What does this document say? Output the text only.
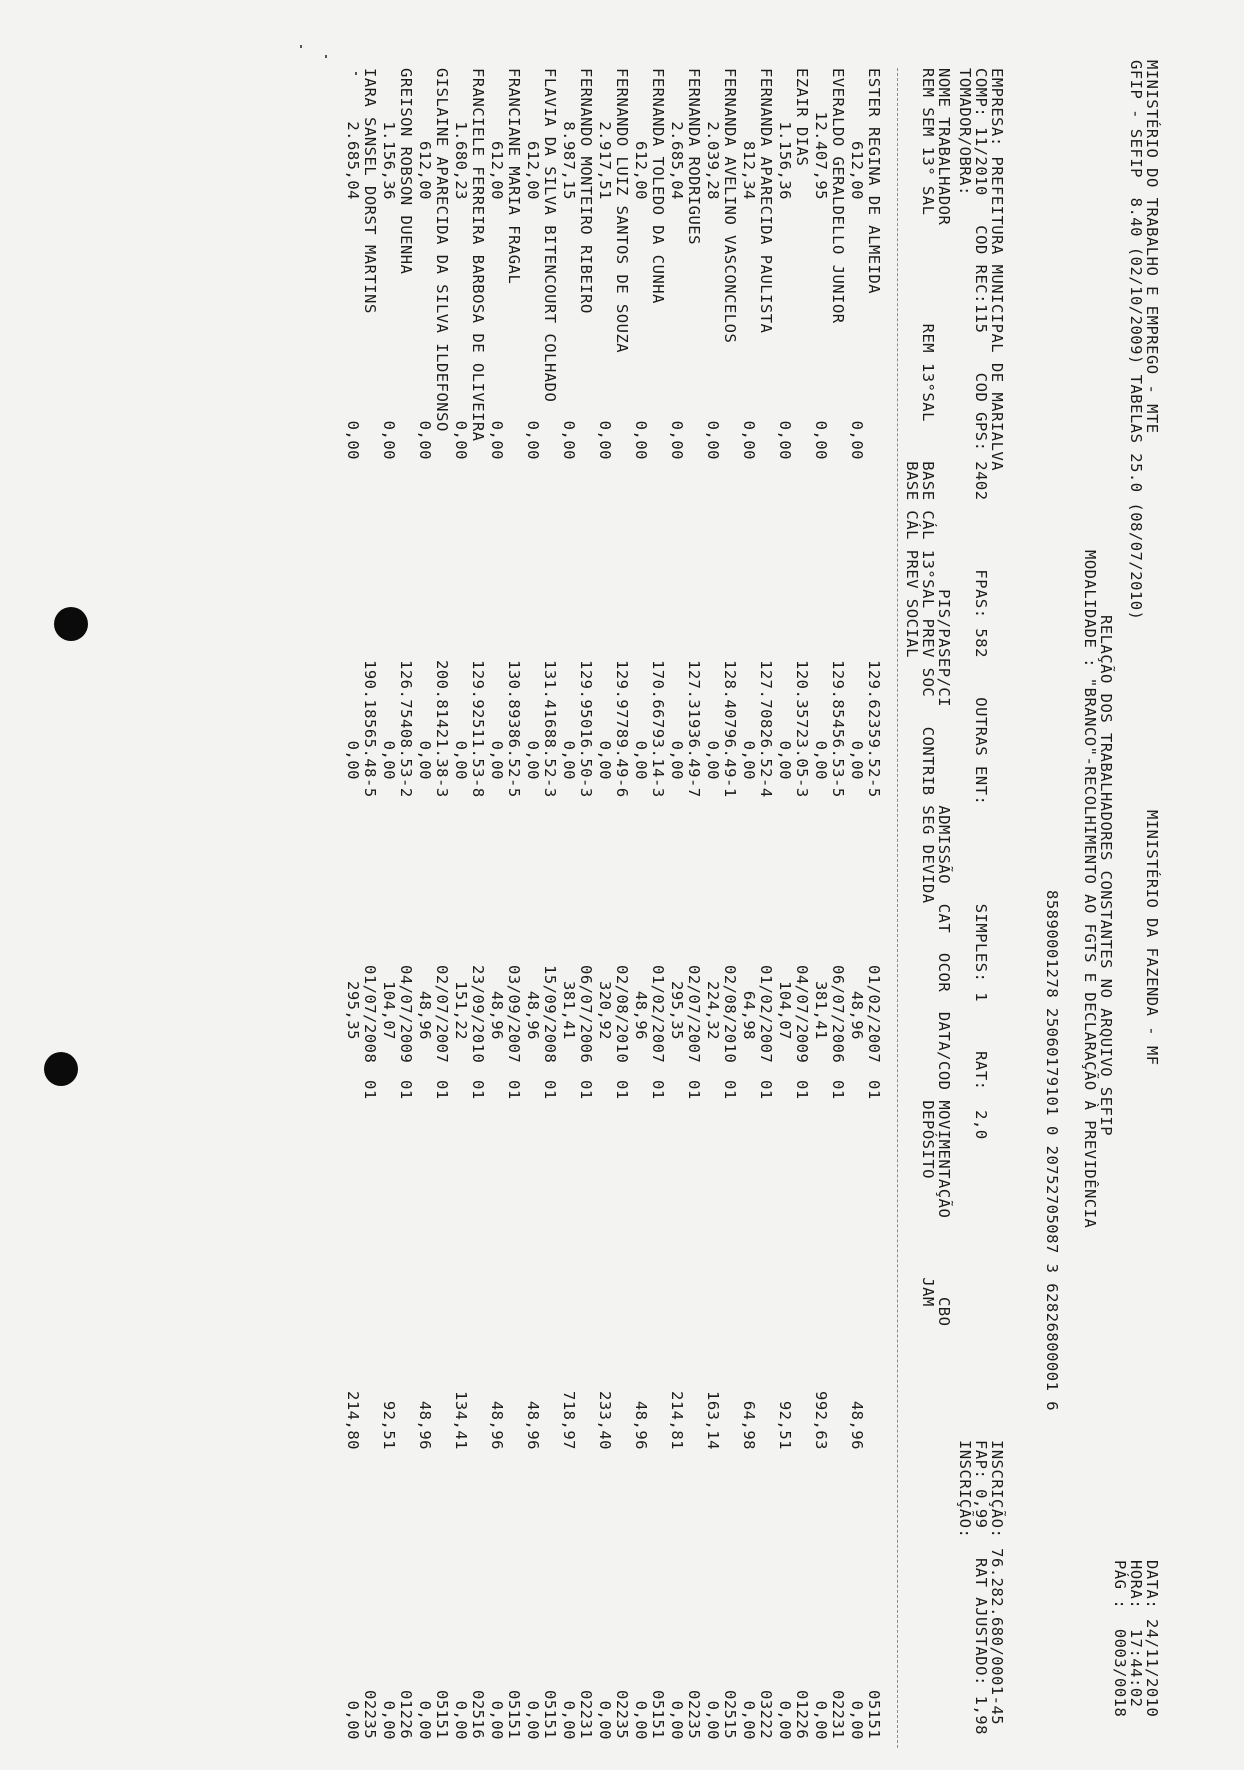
MINISTÉRIO DO TRABALHO E EMPREGO - MTE
GFIP - SEFIP  8.40 (02/10/2009) TABELAS 25.0 (08/07/2010)
MINISTÉRIO DA FAZENDA - MF
DATA: 24/11/2010
HORA:  17:44:02
PÁG :  0003/0018
RELAÇÃO DOS TRABALHADORES CONSTANTES NO ARQUIVO SEFIP
MODALIDADE : "BRANCO"-RECOLHIMENTO AO FGTS E DECLARAÇÃO À PREVIDÊNCIA
85890001278 25060179101 0 20752705087 3 62826800001 6
EMPRESA: PREFEITURA MUNICIPAL DE MARIALVA
INSCRIÇÃO: 76.282.680/0001-45
COMP: 11/2010   COD REC:115    COD GPS: 2402       FPAS: 582    OUTRAS ENT:          SIMPLES: 1     RAT:  2,0
FAP: 0,99   RAT AJUSTADO: 1,98
TOMADOR/OBRA:
INSCRIÇÃO:
NOME TRABALHADOR                                     PIS/PASEP/CI          ADMISSÃO  CAT  OCOR  DATA/COD MOVIMENTAÇÃO        CBO
REM SEM 13° SAL           REM 13°SAL    BASE CÁL 13°SAL PREV SOC   CONTRIB SEG DEVIDA                    DEPÓSITO          JAM
BASE CÁL PREV SOCIAL
ESTER REGINA DE ALMEIDA
129.62359.52-5
01/02/2007
01
05151
612,00
0,00
0,00
48,96
48,96
0,00
EVERALDO GERALDELLO JUNIOR
129.85456.53-5
06/07/2006
01
02231
12.407,95
0,00
0,00
381,41
992,63
0,00
EZAIR DIAS
120.35723.05-3
04/07/2009
01
01226
1.156,36
0,00
0,00
104,07
92,51
0,00
FERNANDA APARECIDA PAULISTA
127.70826.52-4
01/02/2007
01
03222
812,34
0,00
0,00
64,98
64,98
0,00
FERNANDA AVELINO VASCONCELOS
128.40796.49-1
02/08/2010
01
02515
2.039,28
0,00
0,00
224,32
163,14
0,00
FERNANDA RODRIGUES
127.31936.49-7
02/07/2007
01
02235
2.685,04
0,00
0,00
295,35
214,81
0,00
FERNANDA TOLEDO DA CUNHA
170.66793.14-3
01/02/2007
01
05151
612,00
0,00
0,00
48,96
48,96
0,00
FERNANDO LUIZ SANTOS DE SOUZA
129.97789.49-6
02/08/2010
01
02235
2.917,51
0,00
0,00
320,92
233,40
0,00
FERNANDO MONTEIRO RIBEIRO
129.95016.50-3
06/07/2006
01
02231
8.987,15
0,00
0,00
381,41
718,97
0,00
FLAVIA DA SILVA BITENCOURT COLHADO
131.41688.52-3
15/09/2008
01
05151
612,00
0,00
0,00
48,96
48,96
0,00
FRANCIANE MARIA FRAGAL
130.89386.52-5
03/09/2007
01
05151
612,00
0,00
0,00
48,96
48,96
0,00
FRANCIELE FERREIRA BARBOSA DE OLIVEIRA
129.92511.53-8
23/09/2010
01
02516
1.680,23
0,00
0,00
151,22
134,41
0,00
GISLAINE APARECIDA DA SILVA ILDEFONSO
200.81421.38-3
02/07/2007
01
05151
612,00
0,00
0,00
48,96
48,96
0,00
GREISON ROBSON DUENHA
126.75408.53-2
04/07/2009
01
01226
1.156,36
0,00
0,00
104,07
92,51
0,00
IARA SANSEL DORST MARTINS
190.18565.48-5
01/07/2008
01
02235
2.685,04
0,00
0,00
295,35
214,80
0,00
